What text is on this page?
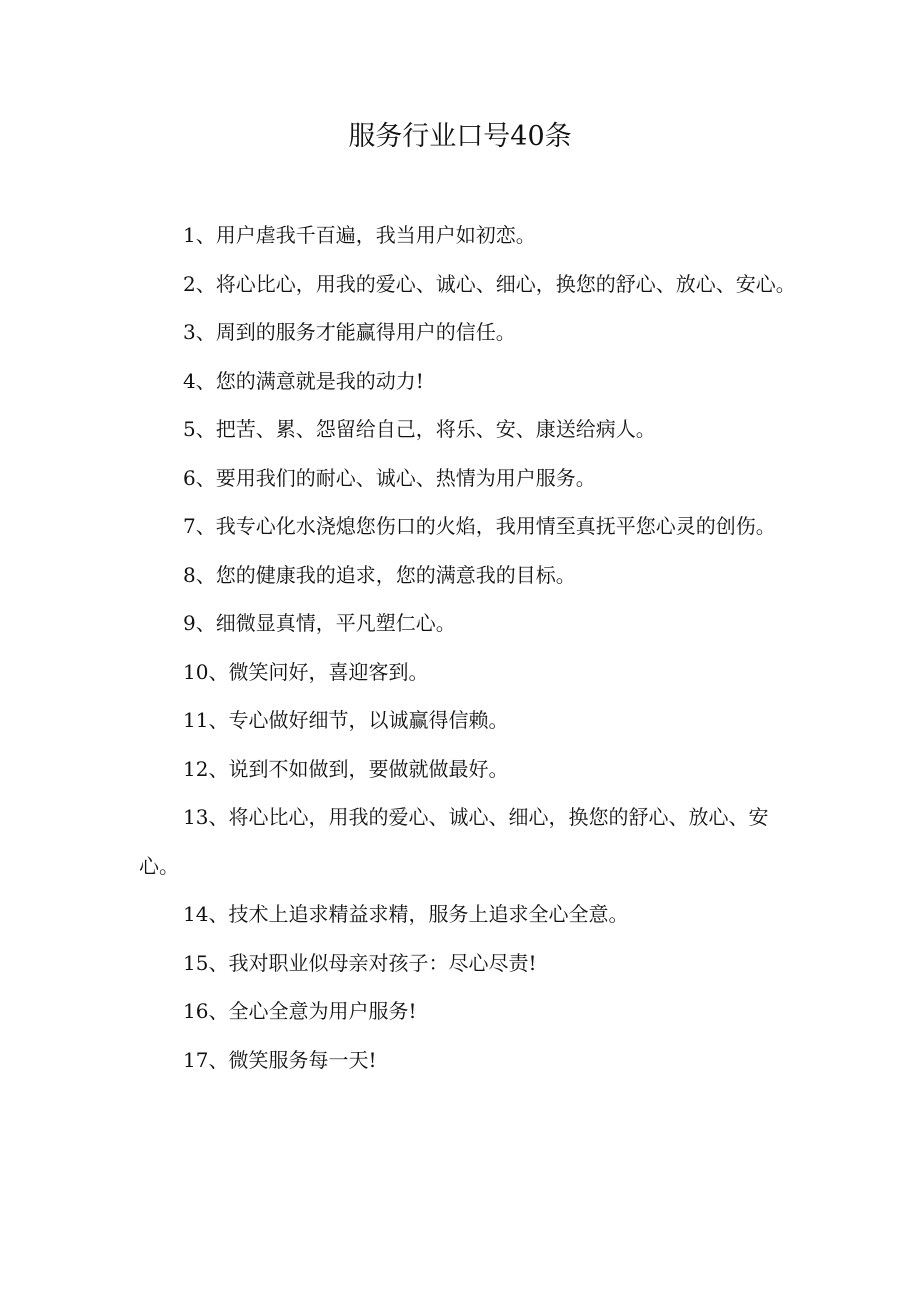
服务行业口号40条

1、用户虐我千百遍，我当用户如初恋。

2、将心比心，用我的爱心、诚心、细心，换您的舒心、放心、安心。

3、周到的服务才能赢得用户的信任。

4、您的满意就是我的动力!

5、把苦、累、怨留给自己，将乐、安、康送给病人。

6、要用我们的耐心、诚心、热情为用户服务。

7、我专心化水浇熄您伤口的火焰，我用情至真抚平您心灵的创伤。

8、您的健康我的追求，您的满意我的目标。

9、细微显真情，平凡塑仁心。

10、微笑问好，喜迎客到。

11、专心做好细节，以诚赢得信赖。

12、说到不如做到，要做就做最好。

13、将心比心，用我的爱心、诚心、细心，换您的舒心、放心、安心。

14、技术上追求精益求精，服务上追求全心全意。

15、我对职业似母亲对孩子：尽心尽责!

16、全心全意为用户服务!

17、微笑服务每一天!
